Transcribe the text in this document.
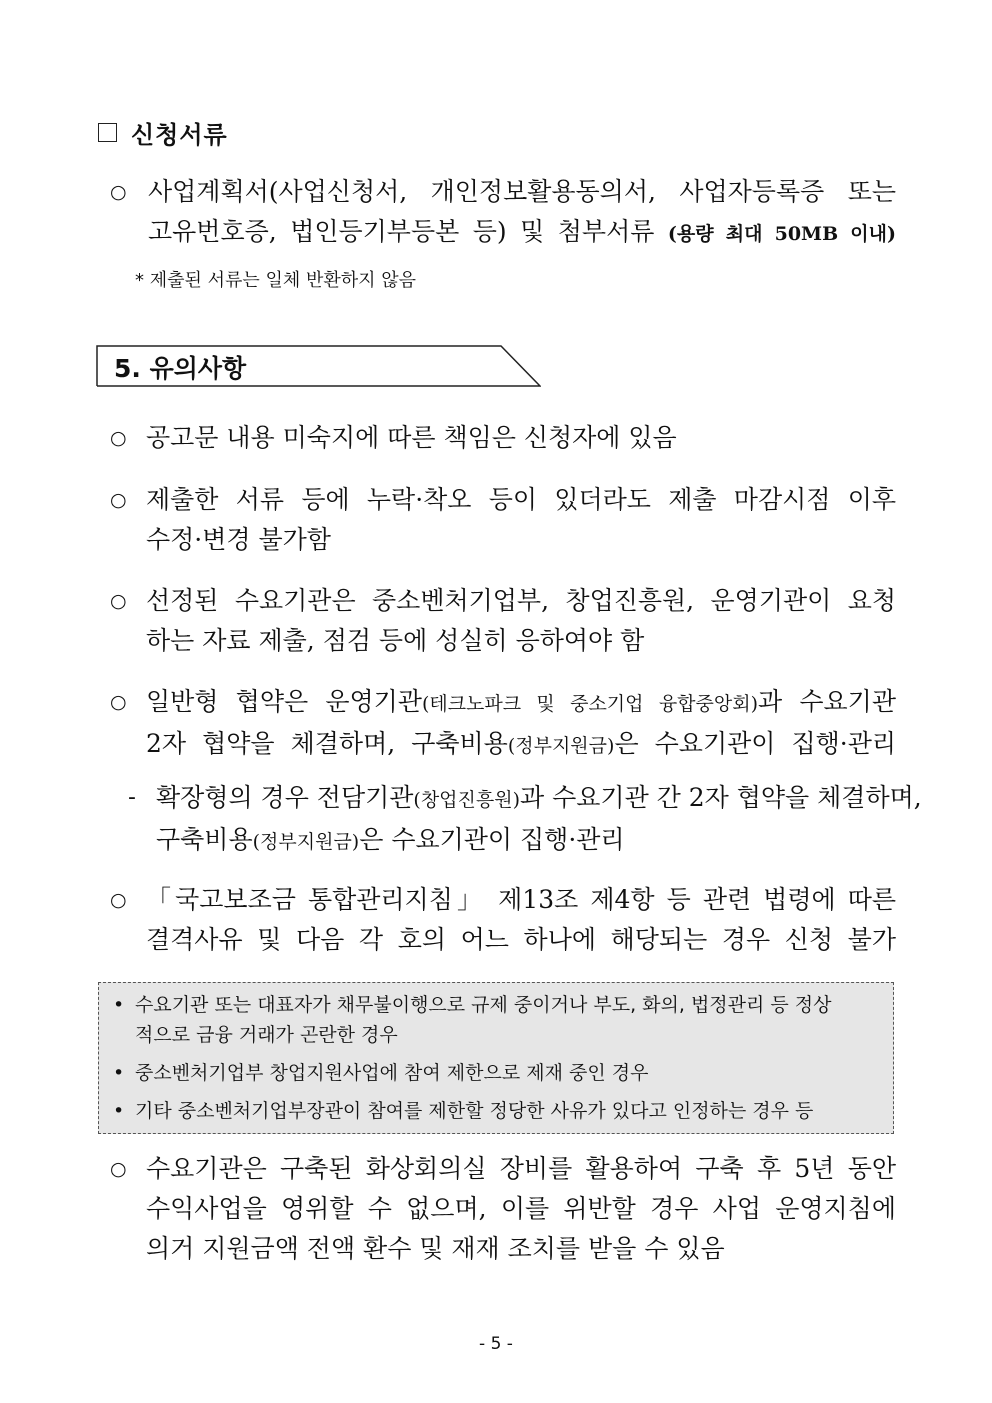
신청서류
○ 사업계획서(사업신청서, 개인정보활용동의서, 사업자등록증 또는
고유번호증, 법인등기부등본 등) 및 첨부서류 (용량 최대 50MB 이내)
* 제출된 서류는 일체 반환하지 않음
5. 유의사항
○ 공고문 내용 미숙지에 따른 책임은 신청자에 있음
○ 제출한 서류 등에 누락·착오 등이 있더라도 제출 마감시점 이후
수정·변경 불가함
○ 선정된 수요기관은 중소벤처기업부, 창업진흥원, 운영기관이 요청
하는 자료 제출, 점검 등에 성실히 응하여야 함
○ 일반형 협약은 운영기관(테크노파크 및 중소기업 융합중앙회)과 수요기관
2자 협약을 체결하며, 구축비용(정부지원금)은 수요기관이 집행·관리
- 확장형의 경우 전담기관(창업진흥원)과 수요기관 간 2자 협약을 체결하며,
구축비용(정부지원금)은 수요기관이 집행·관리
○ 「국고보조금 통합관리지침」 제13조 제4항 등 관련 법령에 따른
결격사유 및 다음 각 호의 어느 하나에 해당되는 경우 신청 불가
• 수요기관 또는 대표자가 채무불이행으로 규제 중이거나 부도, 화의, 법정관리 등 정상
적으로 금융 거래가 곤란한 경우
• 중소벤처기업부 창업지원사업에 참여 제한으로 제재 중인 경우
• 기타 중소벤처기업부장관이 참여를 제한할 정당한 사유가 있다고 인정하는 경우 등
○ 수요기관은 구축된 화상회의실 장비를 활용하여 구축 후 5년 동안
수익사업을 영위할 수 없으며, 이를 위반할 경우 사업 운영지침에
의거 지원금액 전액 환수 및 재재 조치를 받을 수 있음
- 5 -
